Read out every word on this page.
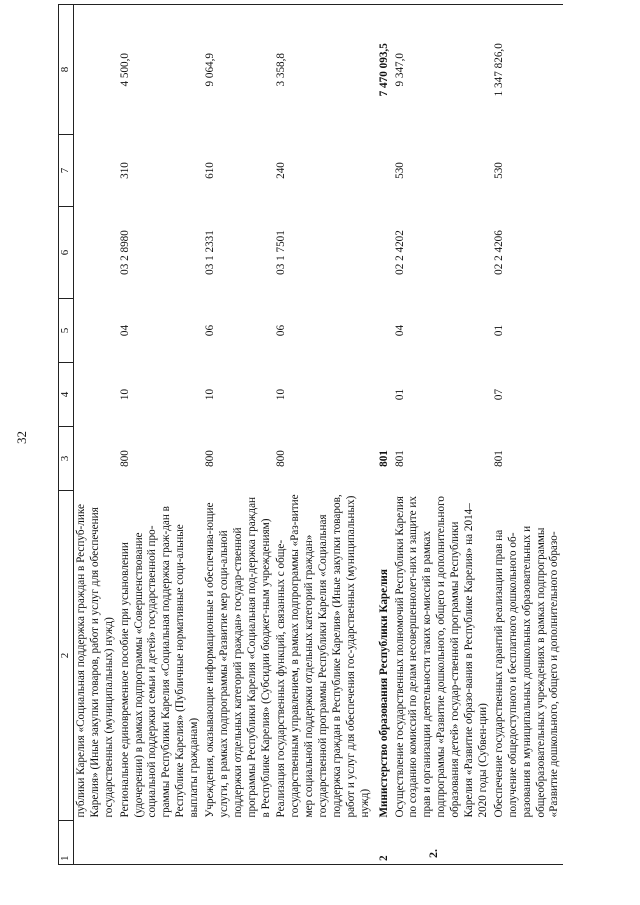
32
2 .
1	2	3	4	5	6	7	8
	публики Карелия «Социальная поддержка граждан в Респуб-лике Карелия» (Иные закупки товаров, работ и услуг для обеспечения государственных (муниципальных) нужд)						
	Региональное единовременное пособие при усыновлении (удочерении) в рамках подпрограммы «Совершенствование социальной поддержки семьи и детей» государственной про-граммы Республики Карелия «Социальная поддержка граж-дан в Республике Карелия» (Публичные нормативные соци-альные выплаты гражданам)	800	10	04	03 2 8980	310	4 500,0
	Учреждения, оказывающие информационные и обеспечива-ющие услуги, в рамках подпрограммы «Развитие мер соци-альной поддержки отдельных категорий граждан» государ-ственной программы Республики Карелия «Социальная под-держка граждан в Республике Карелия» (Субсидии бюджет-ным учреждениям)	800	10	06	03 1 2331	610	9 064,9
	Реализация государственных функций, связанных с обще-государственным управлением, в рамках подпрограммы «Раз-витие мер социальной поддержки отдельных категорий граждан» государственной программы Республики Карелия «Социальная поддержка граждан в Республике Карелия» (Иные закупки товаров, работ и услуг для обеспечения гос-ударственных (муниципальных) нужд)	800	10	06	03 1 7501	240	3 358,8
2	Министерство образования Республики Карелия	801					7 470 093,5
	Осуществление государственных полномочий Республики Карелия по созданию комиссий по делам несовершеннолет-них и защите их прав и организации деятельности таких ко-миссий в рамках подпрограммы «Развитие дошкольного, общего и дополнительного образования детей» государ-ственной программы Республики Карелия «Развитие образо-вания в Республике Карелия» на 2014–2020 годы (Субвен-ции)	801	01	04	02 2 4202	530	9 347,0
	Обеспечение государственных гарантий реализации прав на получение общедоступного и бесплатного дошкольного об-разования в муниципальных дошкольных образовательных и общеобразовательных учреждениях в рамках подпрограммы «Развитие дошкольного, общего и дополнительного образо-	801	07	01	02 2 4206	530	1 347 826,0
